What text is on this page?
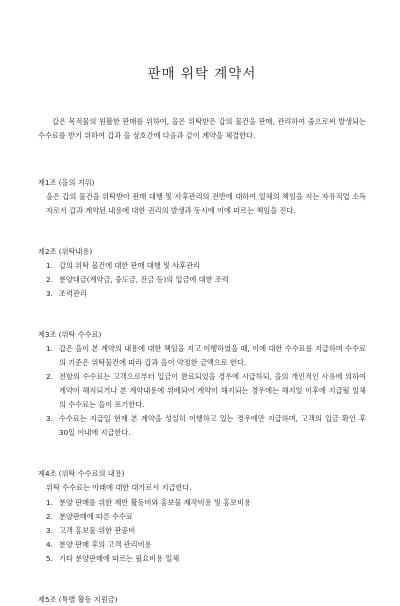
판매 위탁 계약서

갑은 목적물의 원활한 판매를 위하여, 을은 위탁받은 갑의 물건을 판매, 관리하여 줌으로써 발생되는 수수료를 받기 위하여 갑과 을 상호간에 다음과 같이 계약을 체결한다.

제1조 (을의 지위)

을은 갑의 물건을 위탁받아 판매 대행 및 사후관리의 전반에 대하여 일체의 책임을 지는 자유직업 소득자로서 갑과 계약된 내용에 대한 권리의 발생과 동시에 이에 따르는 책임을 진다.

제2조 (위탁내용)

1. 갑의 위탁 물건에 대한 판매 대행 및 사후관리
2. 분양대금(계약금, 중도금, 잔금 등)의 입금에 대한 조력
3. 조력관리

제3조 (위탁 수수료)

1. 갑은 을이 본 계약의 내용에 대한 책임을 지고 이행하였을 때, 이에 대한 수수료를 지급하며 수수료의 기준은 위탁물건에 따라 갑과 을이 약정한 금액으로 한다.
2. 전항의 수수료는 고객으로부터 입금이 완료되었을 경우에 시급하되, 을의 개인적인 사유에 의하여 계약이 해지되거나 본 계약내용에 위배되어 계약이 해지되는 경우에는 해지일 이후에 지급될 일체의 수수료는 을이 포기한다.
3. 수수료는 지급일 현재 본 계약을 성실히 이행하고 있는 경우에만 지급하며, 고객의 입금 확인 후 30일 이내에 지급한다.

제4조 (위탁 수수료의 내용)

위탁 수수료는 아래에 대한 대가로서 지급한다.

1. 분양 판매를 위한 제반 활동비와 홍보물 제작비용 및 홍보비용
2. 분양판매에 따른 수수료
3. 고객 홍보물 위한 판공비
4. 분양 판매 후의 고객 관리비용
5. 기타 분양판매에 따르는 필요비용 일체

제5조 (특별 활동 지원금)
